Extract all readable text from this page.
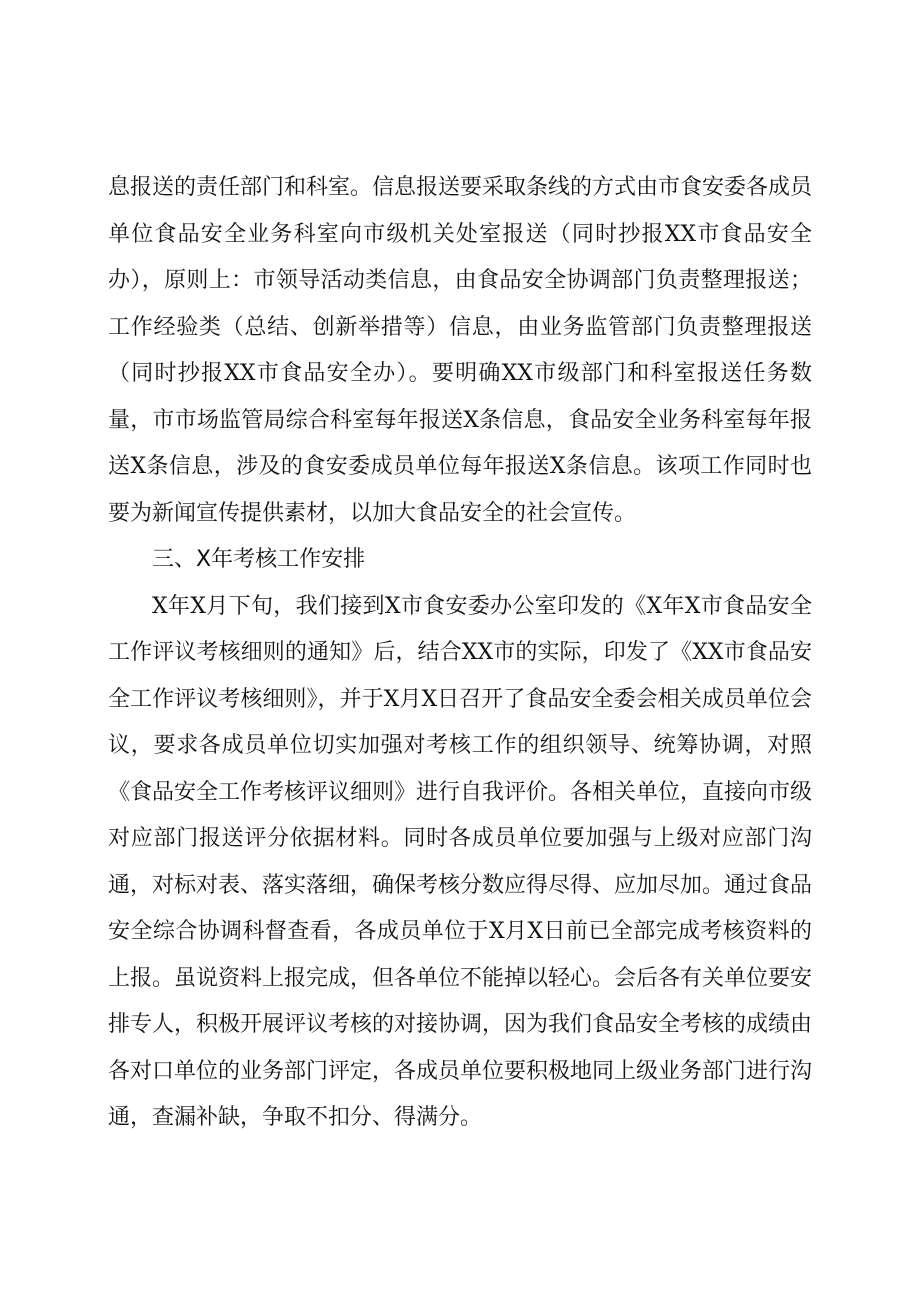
息报送的责任部门和科室。信息报送要采取条线的方式由市食安委各成员单位食品安全业务科室向市级机关处室报送（同时抄报XX市食品安全办），原则上：市领导活动类信息，由食品安全协调部门负责整理报送；工作经验类（总结、创新举措等）信息，由业务监管部门负责整理报送（同时抄报XX市食品安全办）。要明确XX市级部门和科室报送任务数量，市市场监管局综合科室每年报送X条信息，食品安全业务科室每年报送X条信息，涉及的食安委成员单位每年报送X条信息。该项工作同时也要为新闻宣传提供素材，以加大食品安全的社会宣传。

三、X年考核工作安排

X年X月下旬，我们接到X市食安委办公室印发的《X年X市食品安全工作评议考核细则的通知》后，结合XX市的实际，印发了《XX市食品安全工作评议考核细则》，并于X月X日召开了食品安全委会相关成员单位会议，要求各成员单位切实加强对考核工作的组织领导、统筹协调，对照《食品安全工作考核评议细则》进行自我评价。各相关单位，直接向市级对应部门报送评分依据材料。同时各成员单位要加强与上级对应部门沟通，对标对表、落实落细，确保考核分数应得尽得、应加尽加。通过食品安全综合协调科督查看，各成员单位于X月X日前已全部完成考核资料的上报。虽说资料上报完成，但各单位不能掉以轻心。会后各有关单位要安排专人，积极开展评议考核的对接协调，因为我们食品安全考核的成绩由各对口单位的业务部门评定，各成员单位要积极地同上级业务部门进行沟通，查漏补缺，争取不扣分、得满分。
